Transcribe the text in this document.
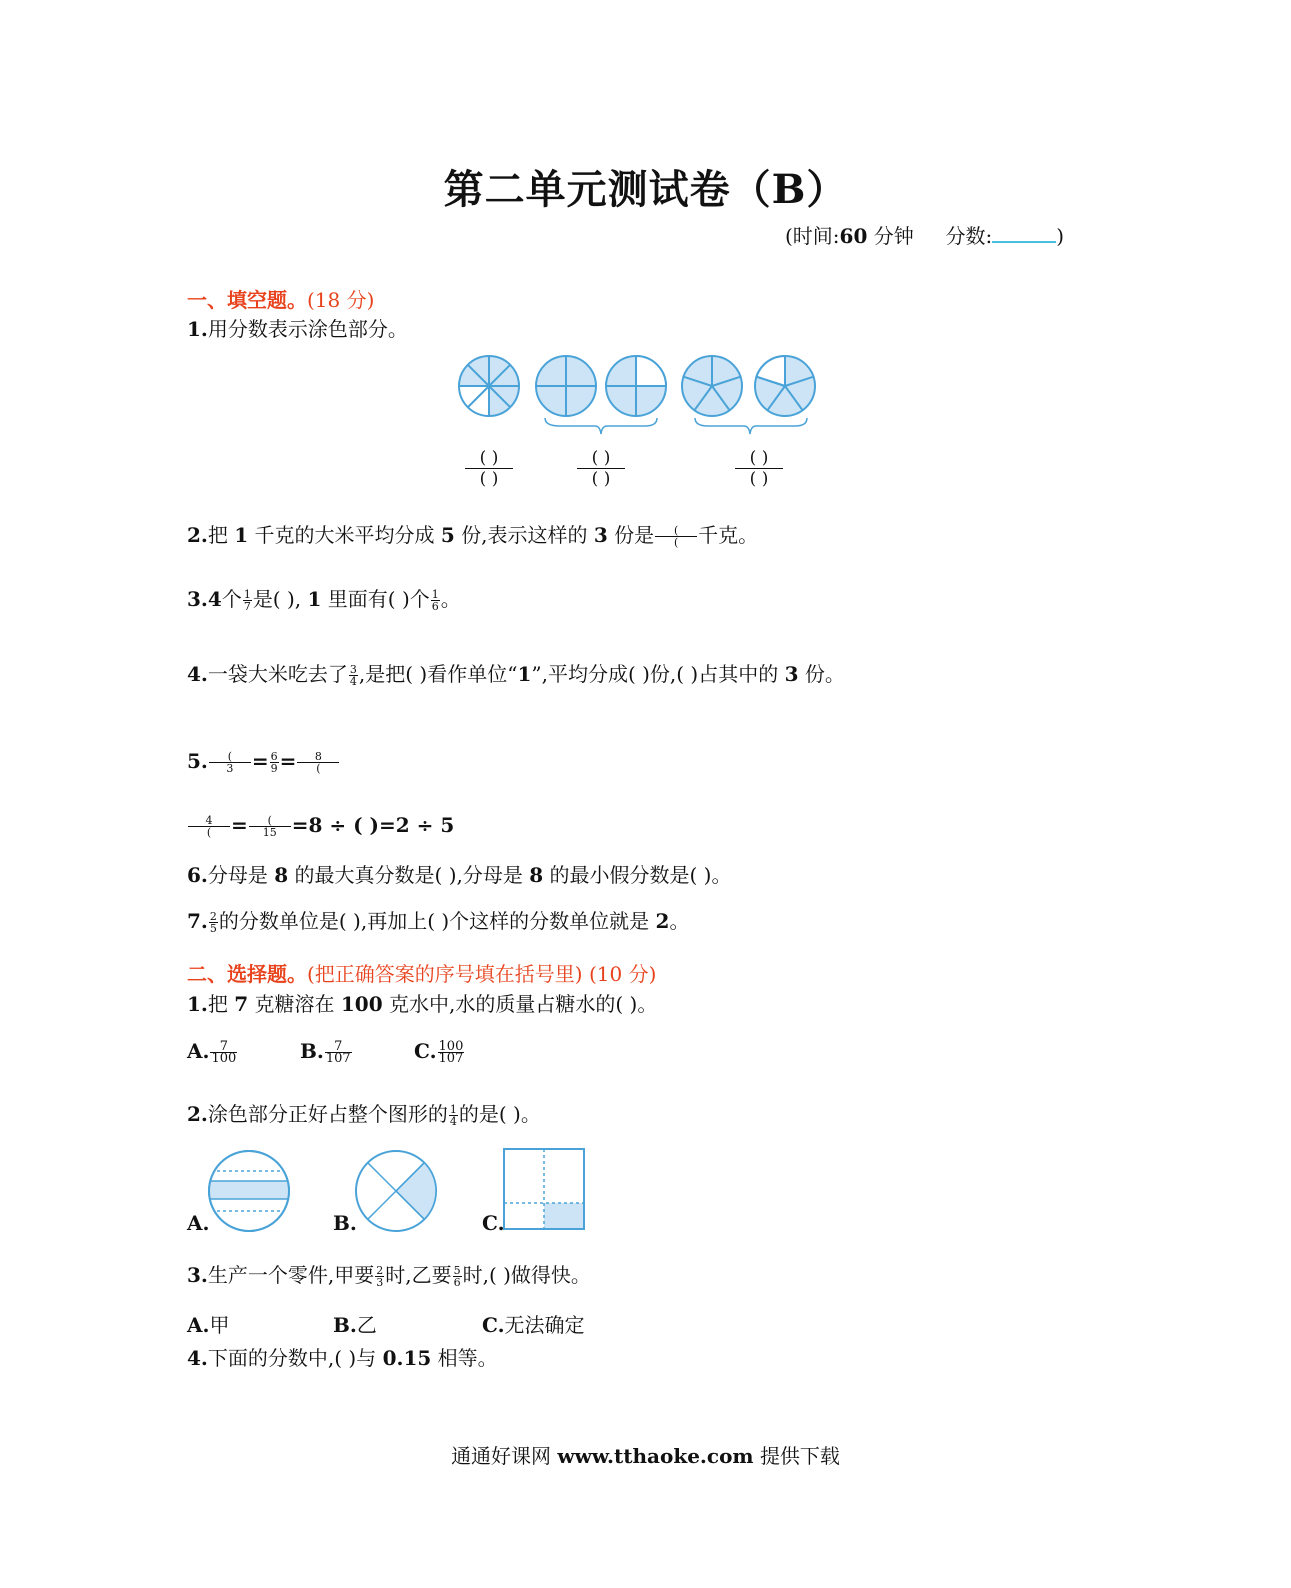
第二单元测试卷（B）
(时间:60 分钟 分数:	)
一、填空题。(18 分)
1.用分数表示涂色部分。
( )
( )
( )
( )
( )
( )
2.把 1 千克的大米平均分成 5 份,表示这样的 3 份是 $\frac{(}{(}$ 千克。
3.4个 $\frac{1}{7}$ 是( ), 1 里面有( )个 $\frac{1}{6}$ 。
4.一袋大米吃去了 $\frac{3}{4}$ ,是把( )看作单位“1”,平均分成( )份,( )占其中的 3 份。
5. $\frac{(}{3} = \frac{6}{9} = \frac{8}{(}$
$\frac{4}{(} = \frac{(}{15} =8$ ÷ ( )=2 ÷ 5
6.分母是 8 的最大真分数是( ),分母是 8 的最小假分数是( )。
7. $\frac{2}{5}$ 的分数单位是( ),再加上( )个这样的分数单位就是 2。
二、选择题。(把正确答案的序号填在括号里) (10 分)
1.把 7 克糖溶在 100 克水中,水的质量占糖水的( )。
A. $\frac{7}{100}$	B. $\frac{7}{107}$	C. $\frac{100}{107}$
2.涂色部分正好占整个图形的 $\frac{1}{4}$ 的是( )。
A.	B.	C.
3.生产一个零件,甲要 $\frac{2}{3}$ 时,乙要 $\frac{5}{6}$ 时,( )做得快。
A.甲	B.乙	C.无法确定
4.下面的分数中,( )与 0.15 相等。
通通好课网 www.tthaoke.com 提供下载
